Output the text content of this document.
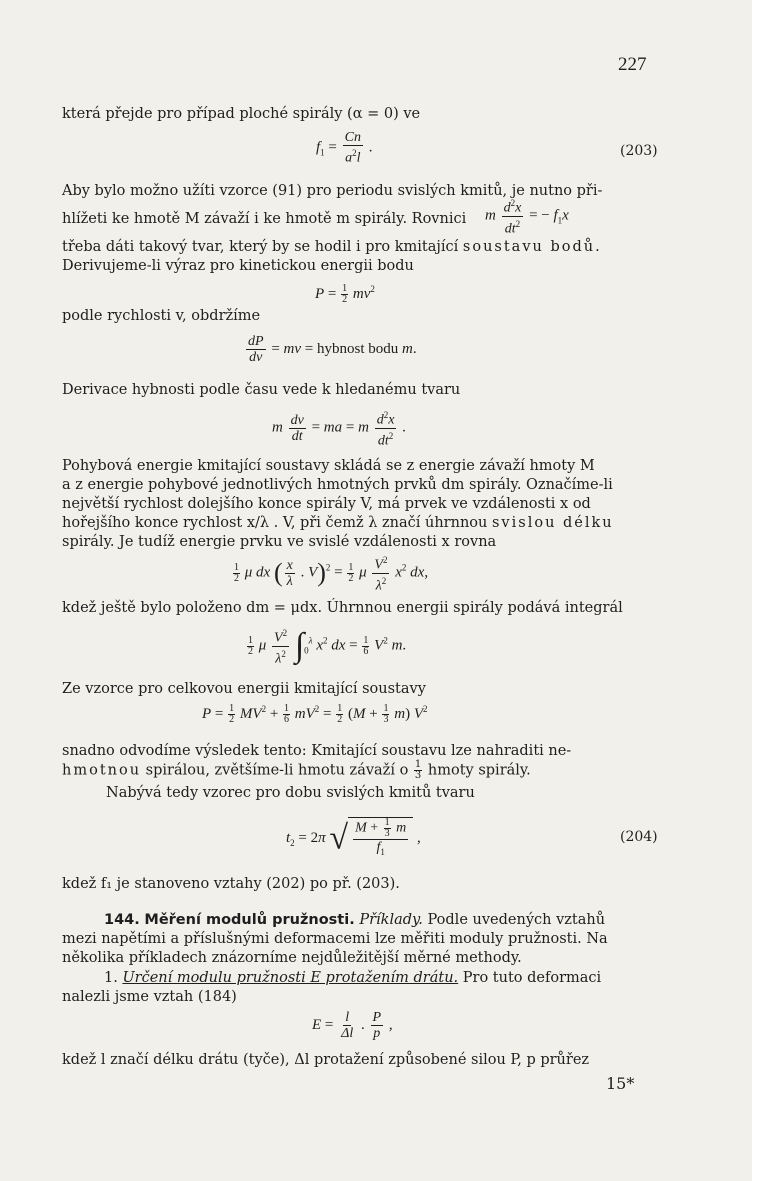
227
která přejde pro případ ploché spirály (α = 0) ve
$f_1 = \frac{Cn}{a^2l}$ .	(203)
Aby bylo možno užíti vzorce (91) pro periodu svislých kmitů, je nutno při-
hlížeti ke hmotě M závaží i ke hmotě m spirály. Rovnici m $\frac{d^2x}{dt^2}$ = − $f_1x$
třeba dáti takový tvar, který by se hodil i pro kmitající soustavu bodů.
Derivujeme-li výraz pro kinetickou energii bodu
$P = \frac{1}{2} mv^2$
podle rychlosti v, obdržíme
$\frac{dP}{dv}$ = mv = hybnost bodu m.
Derivace hybnosti podle času vede k hledanému tvaru
m $\frac{dv}{dt}$ = ma = m $\frac{d^2x}{dt^2}$ .
Pohybová energie kmitající soustavy skládá se z energie závaží hmoty M
a z energie pohybové jednotlivých hmotných prvků dm spirály. Označíme-li
největší rychlost dolejšího konce spirály V, má prvek ve vzdálenosti x od
hořejšího konce rychlost x/λ . V, při čemž λ značí úhrnnou svislou délku
spirály. Je tudíž energie prvku ve svislé vzdálenosti x rovna
$\frac{1}{2}$ μ dx ( $\frac{x}{\lambda}$ . $V)^2 = \frac{1}{2}$ μ $\frac{V^2}{\lambda^2} x^2$ dx,
kdež ještě bylo položeno dm = μdx. Úhrnnou energii spirály podává integrál
$\frac{1}{2}$ μ $\frac{V^2}{\lambda^2} \int_0^\lambda$ $x^2$ dx = $\frac{1}{6} V^2$ m.
Ze vzorce pro celkovou energii kmitající soustavy
$P = \frac{1}{2} MV^2 + \frac{1}{6} mV^2 = \frac{1}{2} (M + \frac{1}{3} m)$ $V^2$
snadno odvodíme výsledek tento: Kmitající soustavu lze nahraditi ne-
hmotnou spirálou, zvětšíme-li hmotu závaží o $\frac{1}{3}$ hmoty spirály.
Nabývá tedy vzorec pro dobu svislých kmitů tvaru
$t_2 = 2\pi$ √ $\frac{M + \frac{1}{3} m}{f_1}$ ,	(204)
kdež f₁ je stanoveno vztahy (202) po př. (203).
144. Měření modulů pružnosti. Příklady. Podle uvedených vztahů
mezi napětími a příslušnými deformacemi lze měřiti moduly pružnosti. Na
několika příkladech znázorníme nejdůležitější měrné methody.
1. Určení modulu pružnosti E protažením drátu. Pro tuto deformaci
nalezli jsme vztah (184)
$E = \frac{l}{\Delta l}$ . $\frac{P}{p}$ ,
kdež l značí délku drátu (tyče), Δl protažení způsobené silou P, p průřez
15*
